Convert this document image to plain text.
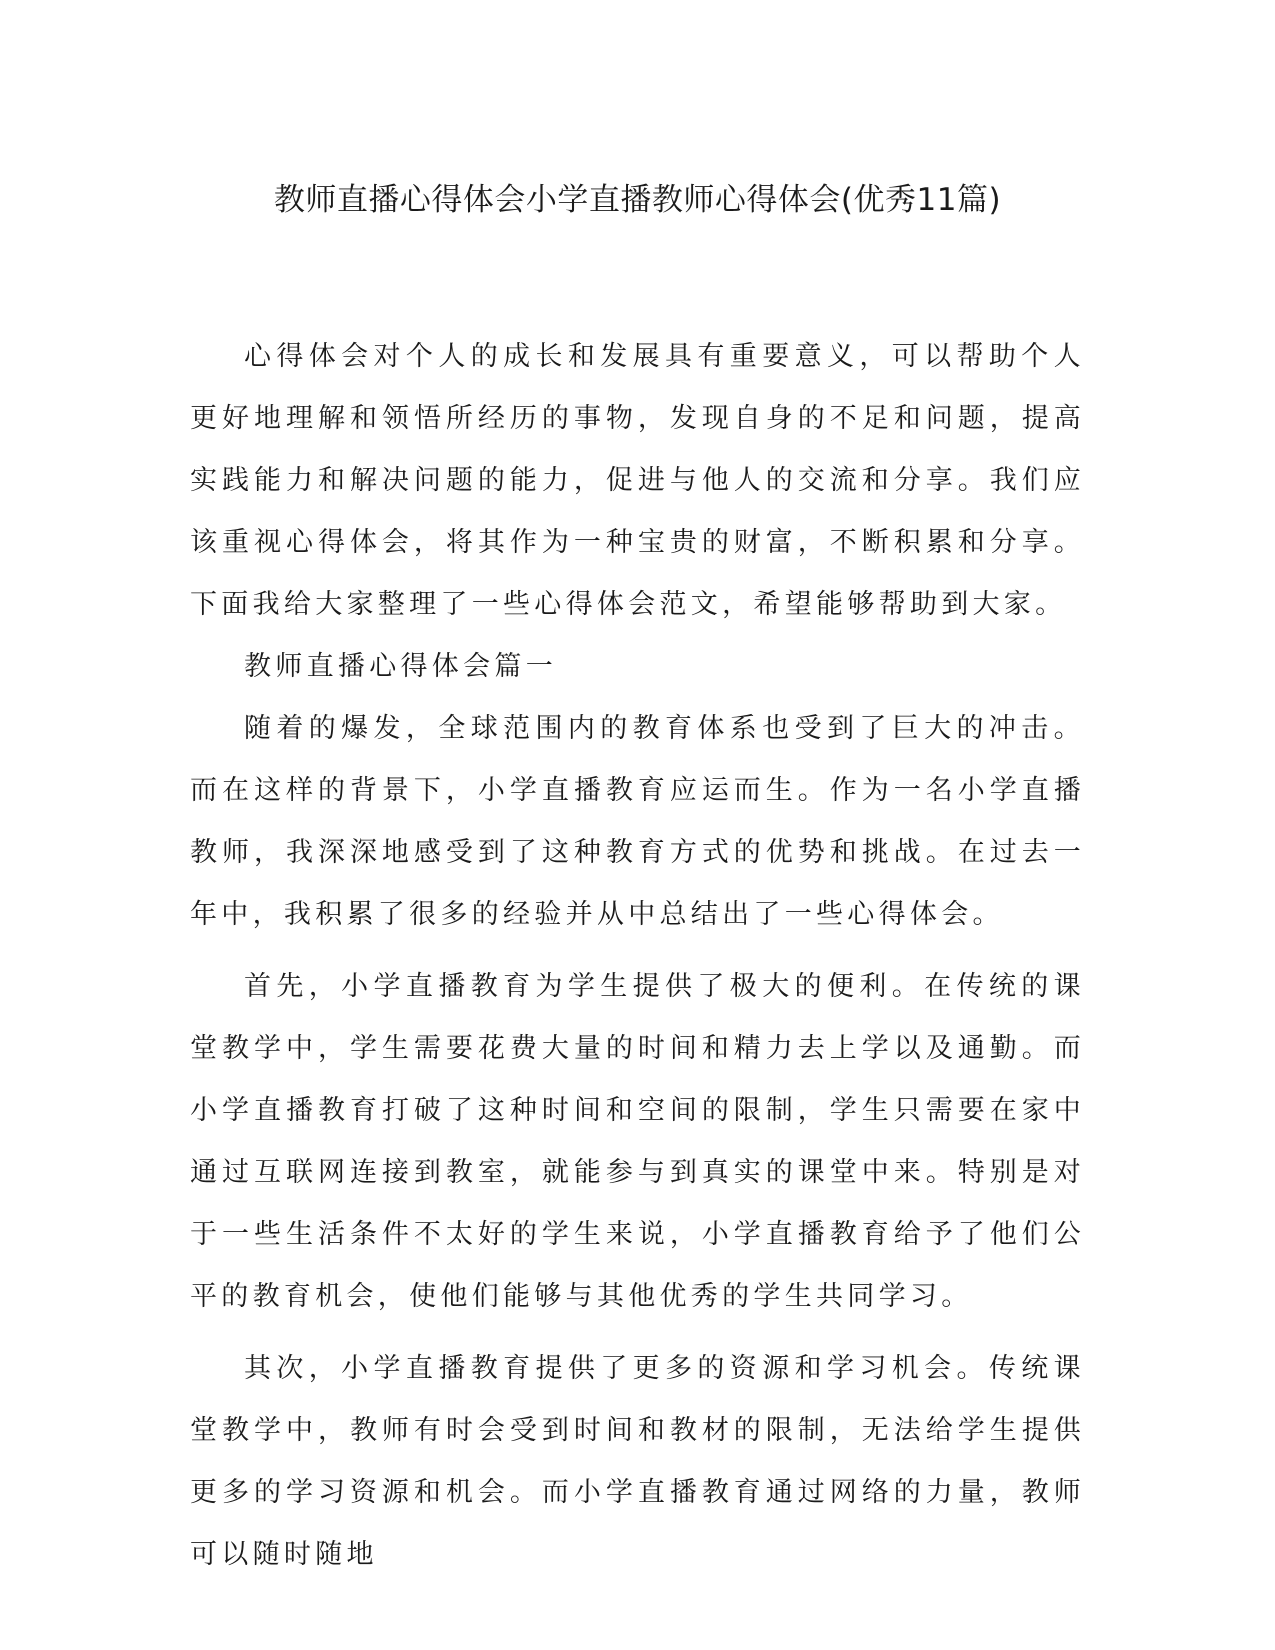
教师直播心得体会小学直播教师心得体会(优秀11篇)

心得体会对个人的成长和发展具有重要意义，可以帮助个人更好地理解和领悟所经历的事物，发现自身的不足和问题，提高实践能力和解决问题的能力，促进与他人的交流和分享。我们应该重视心得体会，将其作为一种宝贵的财富，不断积累和分享。下面我给大家整理了一些心得体会范文，希望能够帮助到大家。

教师直播心得体会篇一

随着的爆发，全球范围内的教育体系也受到了巨大的冲击。而在这样的背景下，小学直播教育应运而生。作为一名小学直播教师，我深深地感受到了这种教育方式的优势和挑战。在过去一年中，我积累了很多的经验并从中总结出了一些心得体会。

首先，小学直播教育为学生提供了极大的便利。在传统的课堂教学中，学生需要花费大量的时间和精力去上学以及通勤。而小学直播教育打破了这种时间和空间的限制，学生只需要在家中通过互联网连接到教室，就能参与到真实的课堂中来。特别是对于一些生活条件不太好的学生来说，小学直播教育给予了他们公平的教育机会，使他们能够与其他优秀的学生共同学习。

其次，小学直播教育提供了更多的资源和学习机会。传统课堂教学中，教师有时会受到时间和教材的限制，无法给学生提供更多的学习资源和机会。而小学直播教育通过网络的力量，教师可以随时随地
